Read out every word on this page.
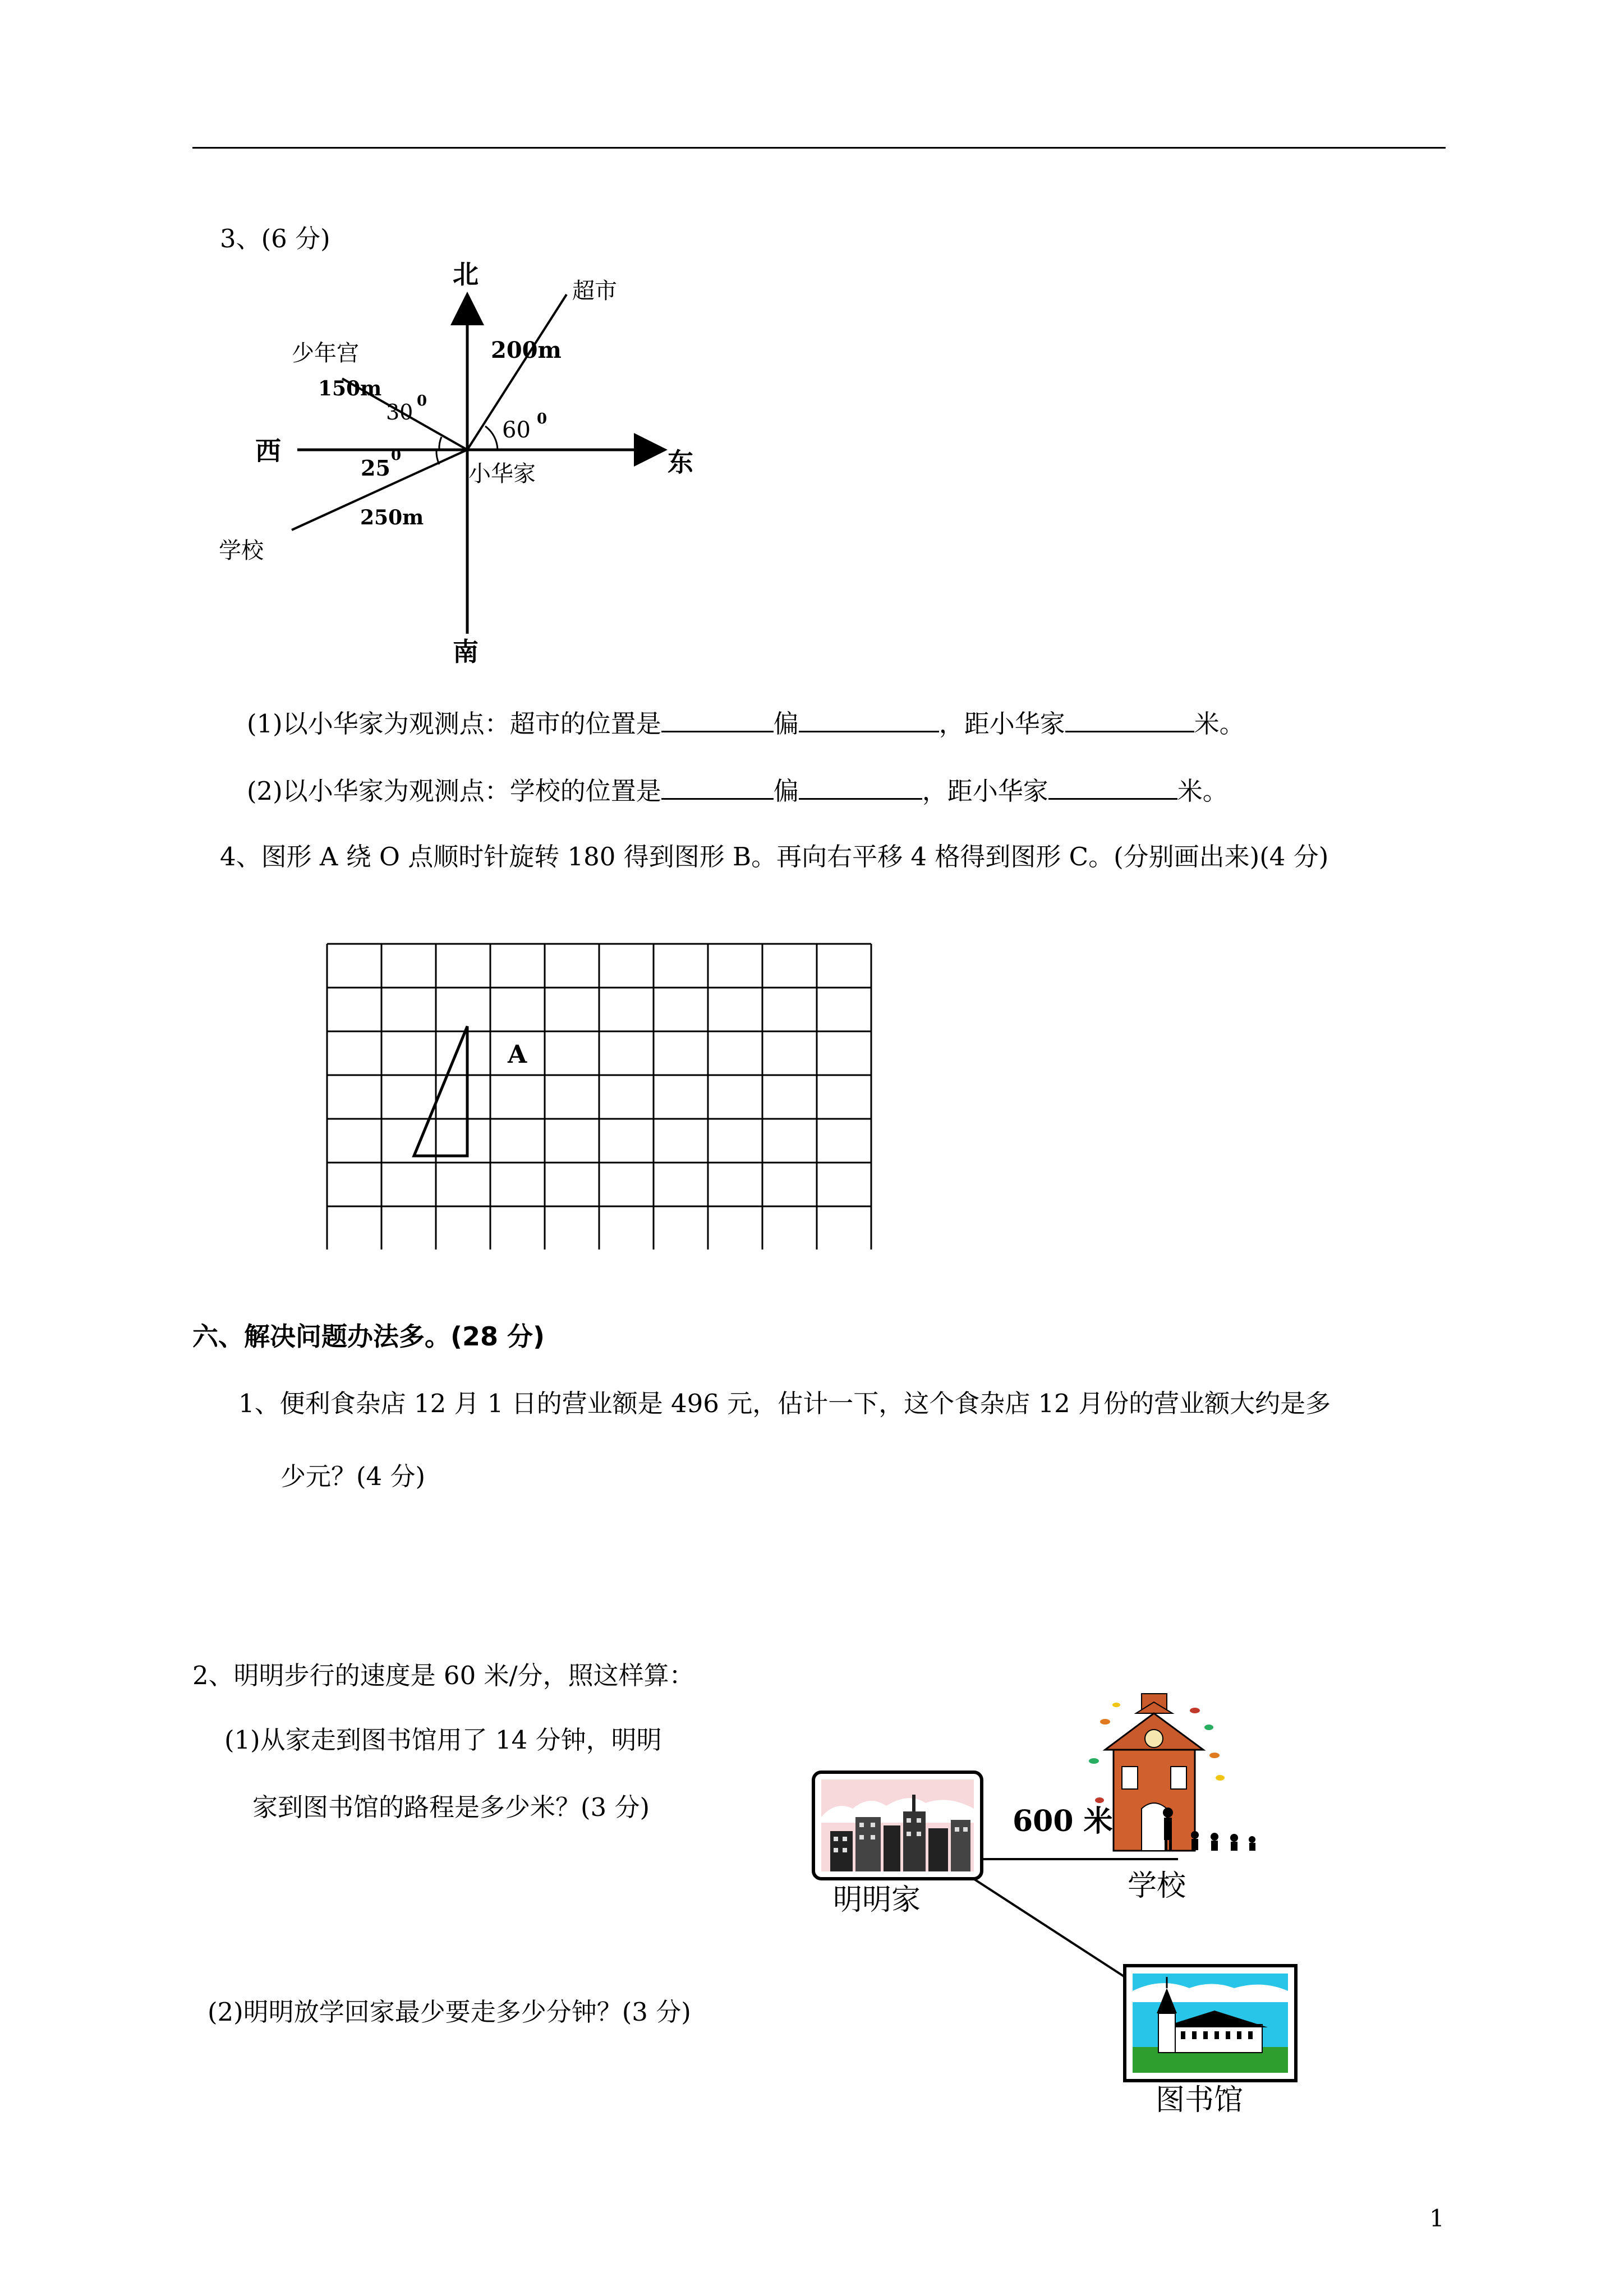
3、(6 分)
北
南
东
西
小华家
超市
200m
60 0
少年宫
150m
30 0
学校
250m
25 0
(1)以小华家为观测点：超市的位置是	偏	，距小华家	米。
(2)以小华家为观测点：学校的位置是	偏	，距小华家	米。
4、图形 A 绕 O 点顺时针旋转 180 得到图形 B。再向右平移 4 格得到图形 C。(分别画出来)(4 分)
A
六、解决问题办法多。(28 分)
1、便利食杂店 12 月 1 日的营业额是 496 元，估计一下，这个食杂店 12 月份的营业额大约是多
少元？(4 分)
2、明明步行的速度是 60 米/分，照这样算：
(1)从家走到图书馆用了 14 分钟，明明
家到图书馆的路程是多少米？(3 分)
(2)明明放学回家最少要走多少分钟？(3 分)
600 米
明明家	学校
图书馆
1
